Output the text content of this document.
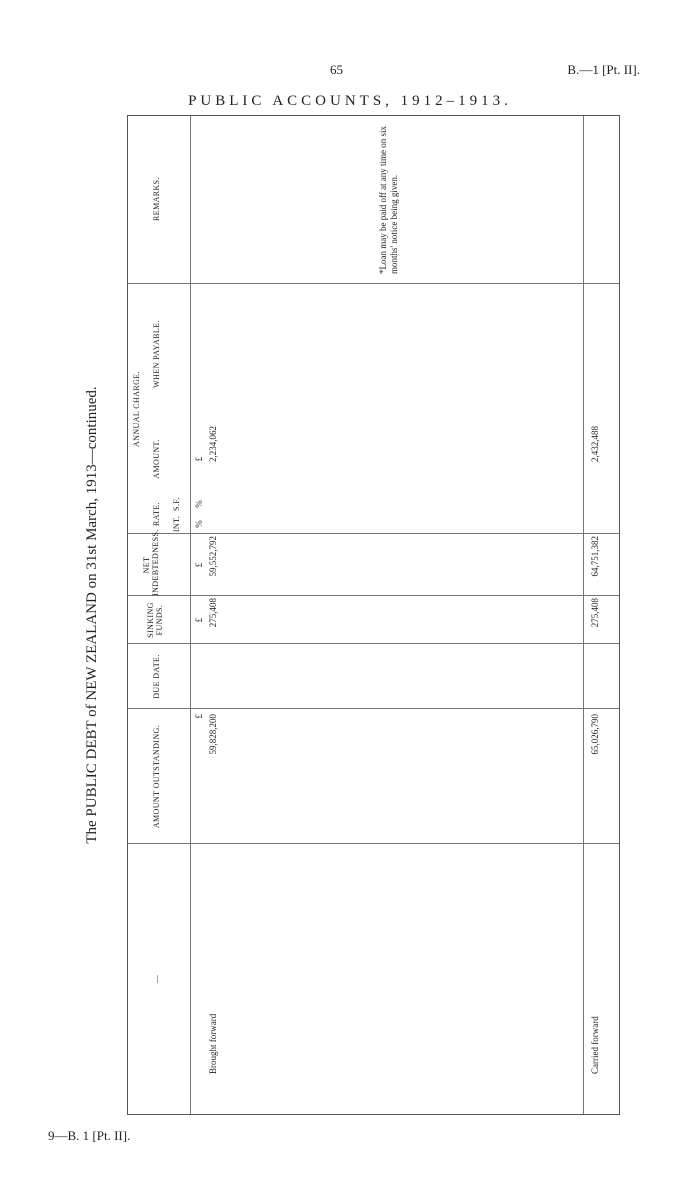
65	B.—1 [Pt. II].
PUBLIC ACCOUNTS, 1912–1913.
The PUBLIC DEBT of NEW ZEALAND on 31st March, 1913—continued.
—
AMOUNT OUTSTANDING.
DUE DATE.
SINKING FUNDS.
NET INDEBTEDNESS.
ANNUAL CHARGE.
RATE. INT.
S.F.
AMOUNT.
WHEN PAYABLE.
REMARKS.
£
£
£
%
%
£
Brought forward
59,828,200
275,408
59,552,792
2,234,062
*Loan may be paid off at any time on six months' notice being given.
Carried forward
65,026,790
275,408
64,751,382
2,432,488
9—B. 1 [Pt. II].
